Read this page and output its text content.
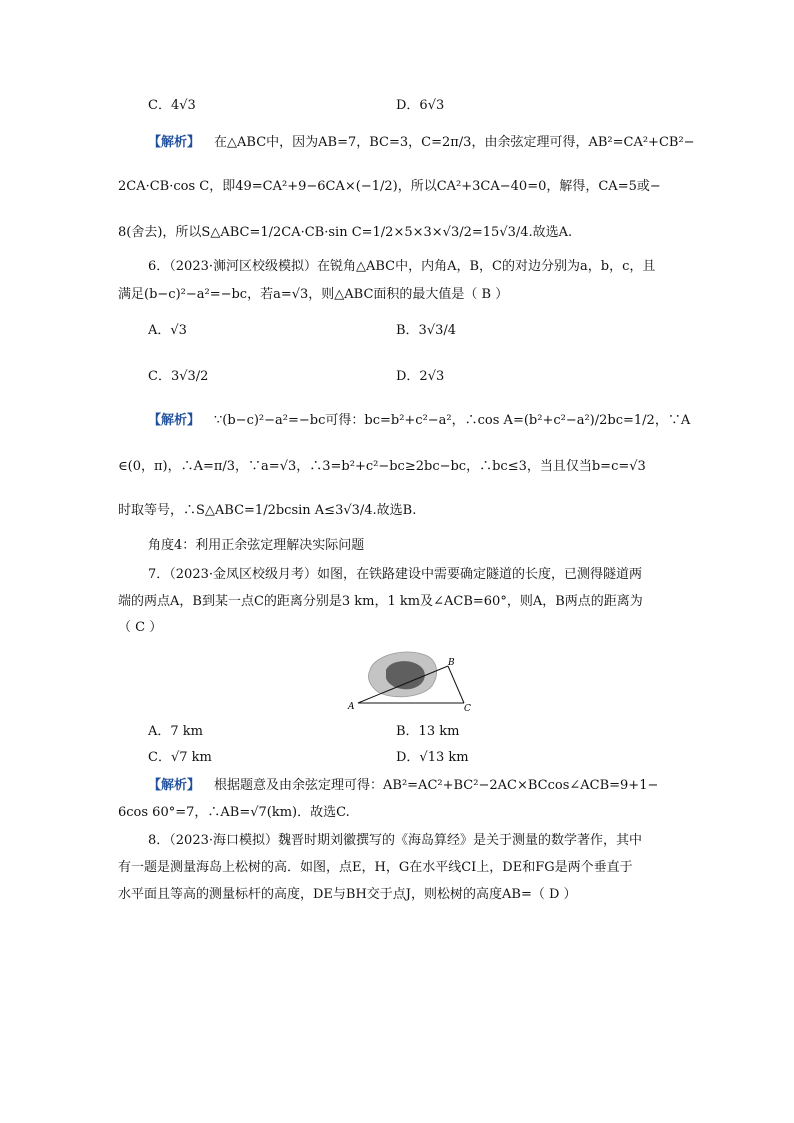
C．4√3	D．6√3
【解析】 在△ABC中，因为AB=7，BC=3，C=2π/3，由余弦定理可得，AB²=CA²+CB²−
2CA·CB·cos C，即49=CA²+9−6CA×(−1/2)，所以CA²+3CA−40=0，解得，CA=5或−
8(舍去)，所以S△ABC=1/2CA·CB·sin C=1/2×5×3×√3/2=15√3/4.故选A.
6．（2023·浉河区校级模拟）在锐角△ABC中，内角A，B，C的对边分别为a，b，c，且
满足(b−c)²−a²=−bc，若a=√3，则△ABC面积的最大值是（ B ）
A．√3	B．3√3/4
C．3√3/2	D．2√3
【解析】 ∵(b−c)²−a²=−bc可得：bc=b²+c²−a²，∴cos A=(b²+c²−a²)/2bc=1/2，∵A
∈(0，π)，∴A=π/3，∵a=√3，∴3=b²+c²−bc≥2bc−bc，∴bc≤3，当且仅当b=c=√3
时取等号，∴S△ABC=1/2bcsin A≤3√3/4.故选B.
角度4：利用正余弦定理解决实际问题
7．（2023·金凤区校级月考）如图，在铁路建设中需要确定隧道的长度，已测得隧道两
端的两点A，B到某一点C的距离分别是3 km，1 km及∠ACB=60°，则A，B两点的距离为
（ C ）
A
B
C
A．7 km	B．13 km
C．√7 km	D．√13 km
【解析】 根据题意及由余弦定理可得：AB²=AC²+BC²−2AC×BCcos∠ACB=9+1−
6cos 60°=7，∴AB=√7(km)．故选C.
8．（2023·海口模拟）魏晋时期刘徽撰写的《海岛算经》是关于测量的数学著作，其中
有一题是测量海岛上松树的高．如图，点E，H，G在水平线CI上，DE和FG是两个垂直于
水平面且等高的测量标杆的高度，DE与BH交于点J，则松树的高度AB=（ D ）
